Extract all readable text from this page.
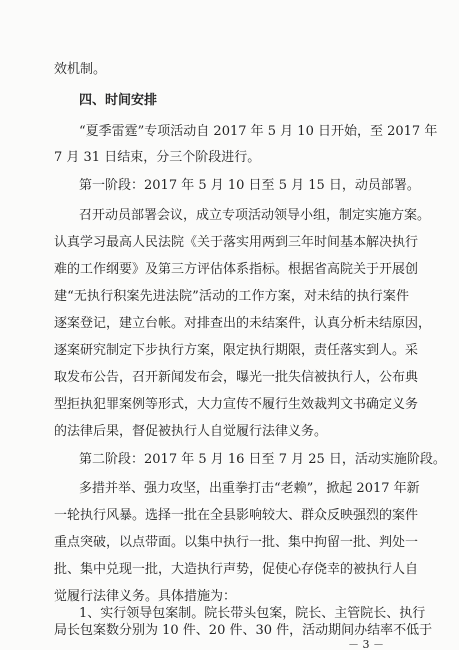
效机制。
四、时间安排
“夏季雷霆”专项活动自 2017 年 5 月 10 日开始，至 2017 年
7 月 31 日结束，分三个阶段进行。
第一阶段：2017 年 5 月 10 日至 5 月 15 日，动员部署。
召开动员部署会议，成立专项活动领导小组，制定实施方案。
认真学习最高人民法院《关于落实用两到三年时间基本解决执行
难的工作纲要》及第三方评估体系指标。根据省高院关于开展创
建“无执行积案先进法院”活动的工作方案，对未结的执行案件
逐案登记，建立台帐。对排查出的未结案件，认真分析未结原因，
逐案研究制定下步执行方案，限定执行期限，责任落实到人。采
取发布公告，召开新闻发布会，曝光一批失信被执行人，公布典
型拒执犯罪案例等形式，大力宣传不履行生效裁判文书确定义务
的法律后果，督促被执行人自觉履行法律义务。
第二阶段：2017 年 5 月 16 日至 7 月 25 日，活动实施阶段。
多措并举、强力攻坚，出重拳打击“老赖”，掀起 2017 年新
一轮执行风暴。选择一批在全县影响较大、群众反映强烈的案件
重点突破，以点带面。以集中执行一批、集中拘留一批、判处一
批、集中兑现一批，大造执行声势，促使心存侥幸的被执行人自
觉履行法律义务。具体措施为：
1、实行领导包案制。院长带头包案，院长、主管院长、执行
局长包案数分别为 10 件、20 件、30 件，活动期间办结率不低于
－ 3 －
